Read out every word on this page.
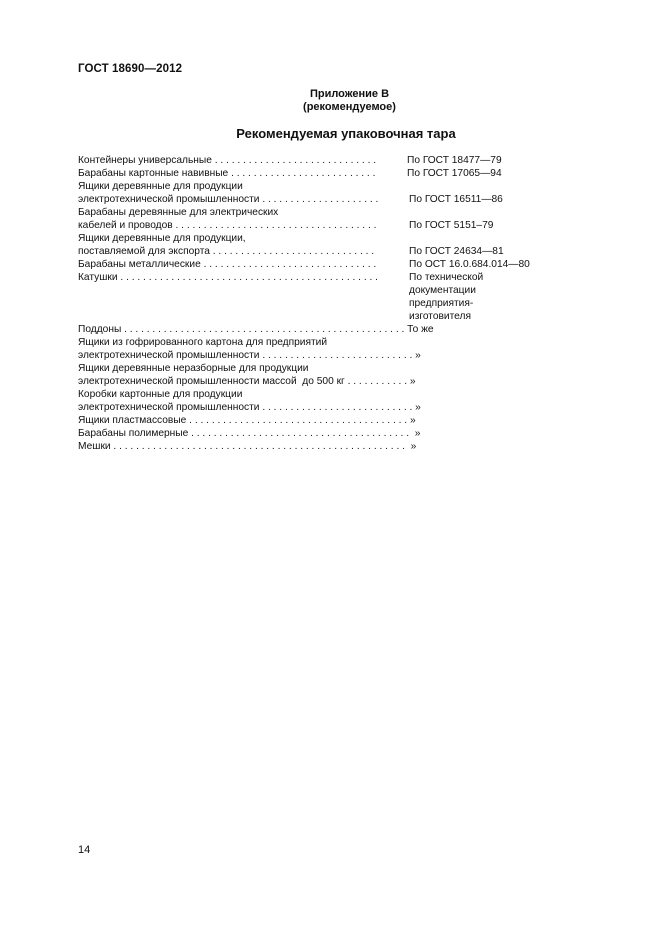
ГОСТ 18690—2012
Приложение В
(рекомендуемое)
Рекомендуемая упаковочная тара
Контейнеры универсальные . . . . . . . . . . . . . . . . . . . . . . . . . . . . .	По ГОСТ 18477—79
Барабаны картонные навивные . . . . . . . . . . . . . . . . . . . . . . . . . .	По ГОСТ 17065—94
Ящики деревянные для продукции
электротехнической промышленности . . . . . . . . . . . . . . . . . . . . .	По ГОСТ 16511—86
Барабаны деревянные для электрических
кабелей и проводов . . . . . . . . . . . . . . . . . . . . . . . . . . . . . . . . . . . .	По ГОСТ 5151–79
Ящики деревянные для продукции,
поставляемой для экспорта . . . . . . . . . . . . . . . . . . . . . . . . . . . . .	По ГОСТ 24634—81
Барабаны металлические . . . . . . . . . . . . . . . . . . . . . . . . . . . . . . .	По ОСТ 16.0.684.014—80
Катушки . . . . . . . . . . . . . . . . . . . . . . . . . . . . . . . . . . . . . . . . . . . . . .	По технической
документации
предприятия-
изготовителя
Поддоны . . . . . . . . . . . . . . . . . . . . . . . . . . . . . . . . . . . . . . . . . . . . . . . . . . То же
Ящики из гофрированного картона для предприятий
электротехнической промышленности . . . . . . . . . . . . . . . . . . . . . . . . . . . »
Ящики деревянные неразборные для продукции
электротехнической промышленности массой  до 500 кг . . . . . . . . . . . »
Коробки картонные для продукции
электротехнической промышленности . . . . . . . . . . . . . . . . . . . . . . . . . . . »
Ящики пластмассовые . . . . . . . . . . . . . . . . . . . . . . . . . . . . . . . . . . . . . . . »
Барабаны полимерные . . . . . . . . . . . . . . . . . . . . . . . . . . . . . . . . . . . . . . .  »
Мешки . . . . . . . . . . . . . . . . . . . . . . . . . . . . . . . . . . . . . . . . . . . . . . . . . . . .  »
14
